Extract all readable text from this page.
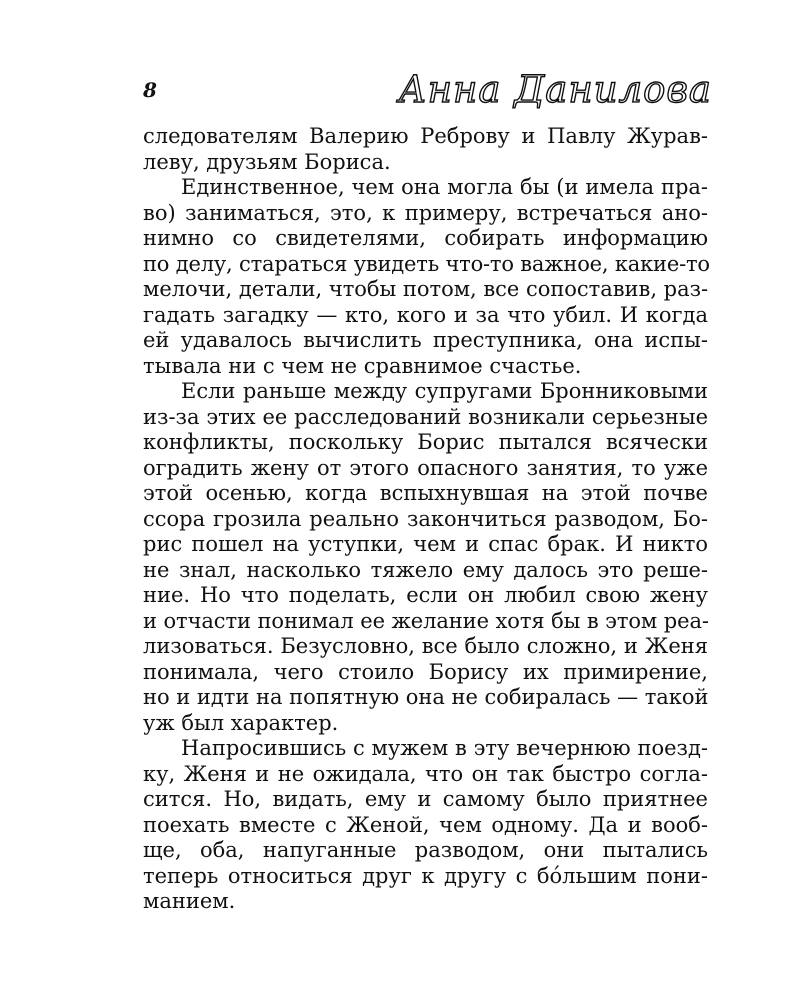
8	Анна Данилова
следователям Валерию Реброву и Павлу Журав-
леву, друзьям Бориса.
Единственное, чем она могла бы (и имела пра-
во) заниматься, это, к примеру, встречаться ано-
нимно со свидетелями, собирать информацию
по делу, стараться увидеть что-то важное, какие-то
мелочи, детали, чтобы потом, все сопоставив, раз-
гадать загадку — кто, кого и за что убил. И когда
ей удавалось вычислить преступника, она испы-
тывала ни с чем не сравнимое счастье.
Если раньше между супругами Бронниковыми
из-за этих ее расследований возникали серьезные
конфликты, поскольку Борис пытался всячески
оградить жену от этого опасного занятия, то уже
этой осенью, когда вспыхнувшая на этой почве
ссора грозила реально закончиться разводом, Бо-
рис пошел на уступки, чем и спас брак. И никто
не знал, насколько тяжело ему далось это реше-
ние. Но что поделать, если он любил свою жену
и отчасти понимал ее желание хотя бы в этом реа-
лизоваться. Безусловно, все было сложно, и Женя
понимала, чего стоило Борису их примирение,
но и идти на попятную она не собиралась — такой
уж был характер.
Напросившись с мужем в эту вечернюю поезд-
ку, Женя и не ожидала, что он так быстро согла-
сится. Но, видать, ему и самому было приятнее
поехать вместе с Женой, чем одному. Да и вооб-
ще, оба, напуганные разводом, они пытались
теперь относиться друг к другу с бо́льшим пони-
манием.
